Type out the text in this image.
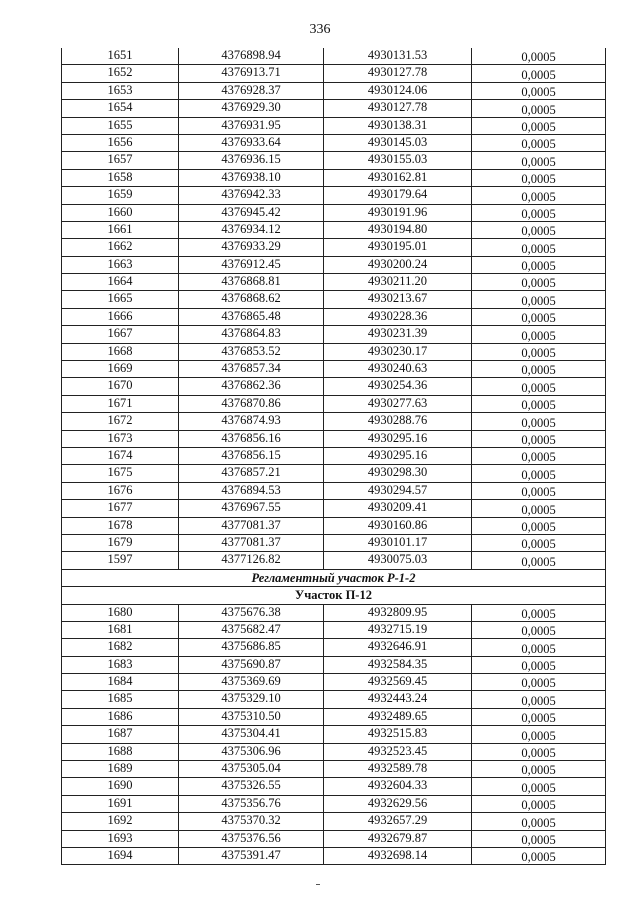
336
1651	4376898.94	4930131.53	0,0005
1652	4376913.71	4930127.78	0,0005
1653	4376928.37	4930124.06	0,0005
1654	4376929.30	4930127.78	0,0005
1655	4376931.95	4930138.31	0,0005
1656	4376933.64	4930145.03	0,0005
1657	4376936.15	4930155.03	0,0005
1658	4376938.10	4930162.81	0,0005
1659	4376942.33	4930179.64	0,0005
1660	4376945.42	4930191.96	0,0005
1661	4376934.12	4930194.80	0,0005
1662	4376933.29	4930195.01	0,0005
1663	4376912.45	4930200.24	0,0005
1664	4376868.81	4930211.20	0,0005
1665	4376868.62	4930213.67	0,0005
1666	4376865.48	4930228.36	0,0005
1667	4376864.83	4930231.39	0,0005
1668	4376853.52	4930230.17	0,0005
1669	4376857.34	4930240.63	0,0005
1670	4376862.36	4930254.36	0,0005
1671	4376870.86	4930277.63	0,0005
1672	4376874.93	4930288.76	0,0005
1673	4376856.16	4930295.16	0,0005
1674	4376856.15	4930295.16	0,0005
1675	4376857.21	4930298.30	0,0005
1676	4376894.53	4930294.57	0,0005
1677	4376967.55	4930209.41	0,0005
1678	4377081.37	4930160.86	0,0005
1679	4377081.37	4930101.17	0,0005
1597	4377126.82	4930075.03	0,0005
Регламентный участок Р-1-2			
Участок П-12			
1680	4375676.38	4932809.95	0,0005
1681	4375682.47	4932715.19	0,0005
1682	4375686.85	4932646.91	0,0005
1683	4375690.87	4932584.35	0,0005
1684	4375369.69	4932569.45	0,0005
1685	4375329.10	4932443.24	0,0005
1686	4375310.50	4932489.65	0,0005
1687	4375304.41	4932515.83	0,0005
1688	4375306.96	4932523.45	0,0005
1689	4375305.04	4932589.78	0,0005
1690	4375326.55	4932604.33	0,0005
1691	4375356.76	4932629.56	0,0005
1692	4375370.32	4932657.29	0,0005
1693	4375376.56	4932679.87	0,0005
1694	4375391.47	4932698.14	0,0005
